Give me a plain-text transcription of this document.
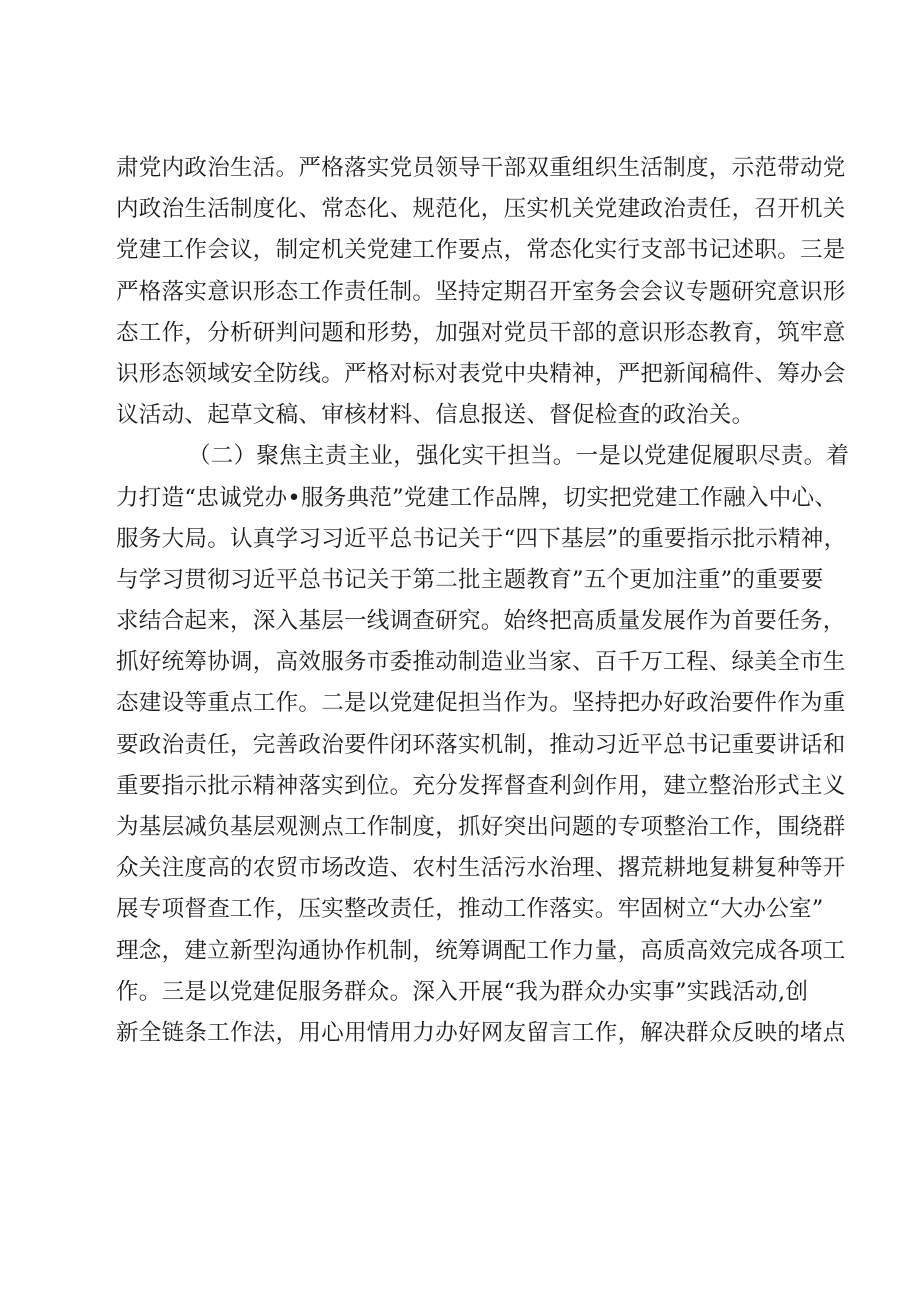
肃党内政治生活。严格落实党员领导干部双重组织生活制度，示范带动党
内政治生活制度化、常态化、规范化，压实机关党建政治责任，召开机关
党建工作会议，制定机关党建工作要点，常态化实行支部书记述职。三是
严格落实意识形态工作责任制。坚持定期召开室务会会议专题研究意识形
态工作，分析研判问题和形势，加强对党员干部的意识形态教育，筑牢意
识形态领域安全防线。严格对标对表党中央精神，严把新闻稿件、筹办会
议活动、起草文稿、审核材料、信息报送、督促检查的政治关。
（二）聚焦主责主业，强化实干担当。一是以党建促履职尽责。着
力打造“忠诚党办•服务典范”党建工作品牌，切实把党建工作融入中心、
服务大局。认真学习习近平总书记关于“四下基层”的重要指示批示精神，
与学习贯彻习近平总书记关于第二批主题教育”五个更加注重”的重要要
求结合起来，深入基层一线调查研究。始终把高质量发展作为首要任务，
抓好统筹协调，高效服务市委推动制造业当家、百千万工程、绿美全市生
态建设等重点工作。二是以党建促担当作为。坚持把办好政治要件作为重
要政治责任，完善政治要件闭环落实机制，推动习近平总书记重要讲话和
重要指示批示精神落实到位。充分发挥督查利剑作用，建立整治形式主义
为基层减负基层观测点工作制度，抓好突出问题的专项整治工作，围绕群
众关注度高的农贸市场改造、农村生活污水治理、撂荒耕地复耕复种等开
展专项督查工作，压实整改责任，推动工作落实。牢固树立“大办公室”
理念，建立新型沟通协作机制，统筹调配工作力量，高质高效完成各项工
作。三是以党建促服务群众。深入开展“我为群众办实事”实践活动,创
新全链条工作法，用心用情用力办好网友留言工作，解决群众反映的堵点
